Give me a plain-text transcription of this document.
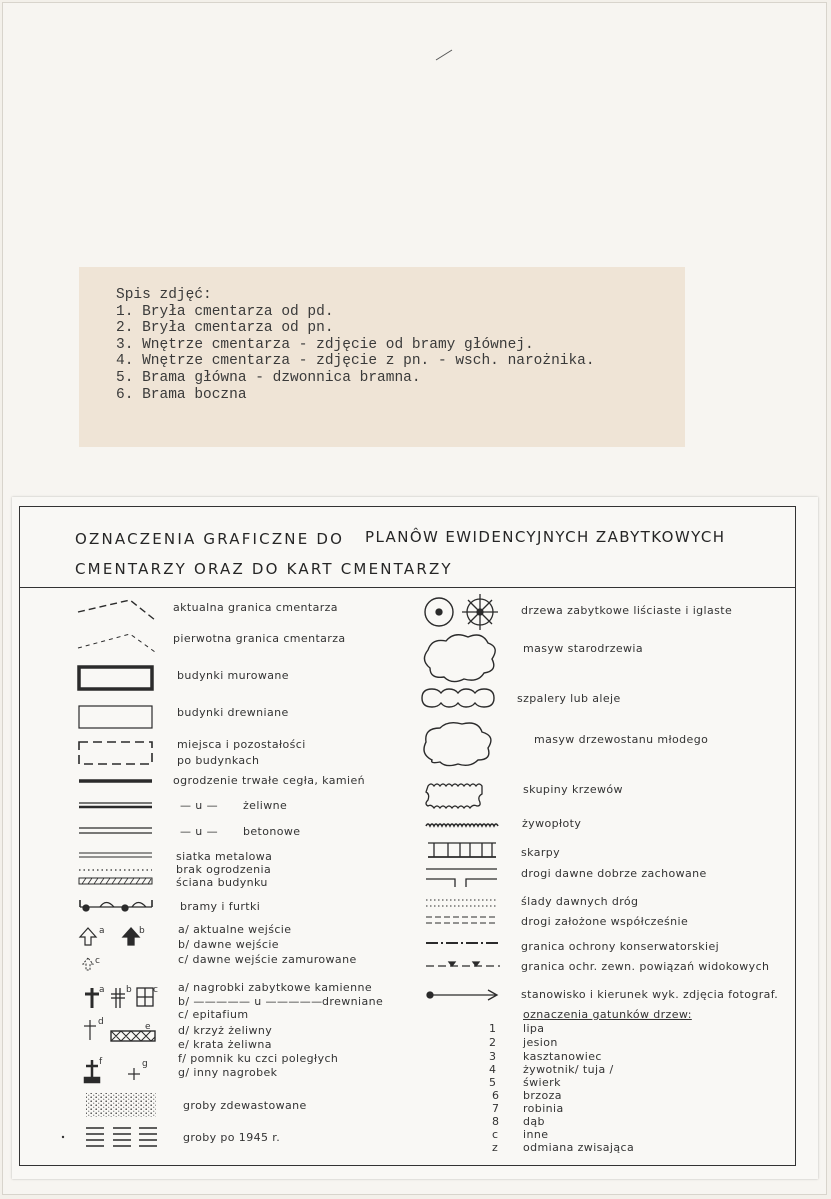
Spis zdjęć:
1. Bryła cmentarza od pd.
2. Bryła cmentarza od pn.
3. Wnętrze cmentarza - zdjęcie od bramy głównej.
4. Wnętrze cmentarza - zdjęcie z pn. - wsch. narożnika.
5. Brama główna - dzwonnica bramna.
6. Brama boczna
OZNACZENIA GRAFICZNE DO PLANÔW EWIDENCYJNYCH ZABYTKOWYCH
CMENTARZY ORAZ DO KART CMENTARZY
aktualna granica cmentarza
pierwotna granica cmentarza
budynki murowane
budynki drewniane
miejsca i pozostałości
po budynkach
ogrodzenie trwałe cegła, kamień
— u — żeliwne
— u — betonowe
siatka metalowa
brak ogrodzenia
ściana budynku
bramy i furtki
a	b
c
a/ aktualne wejście
b/ dawne wejście
c/ dawne wejście zamurowane
a b c
d	e
f	g
a/ nagrobki zabytkowe kamienne
b/ ————— u ————— drewniane
c/ epitafium
d/ krzyż żeliwny
e/ krata żeliwna
f/ pomnik ku czci poległych
g/ inny nagrobek
groby zdewastowane
groby po 1945 r.
drzewa zabytkowe liściaste i iglaste
masyw starodrzewia
szpalery lub aleje
masyw drzewostanu młodego
skupiny krzewów
żywopłoty
skarpy
drogi dawne dobrze zachowane
ślady dawnych dróg
drogi założone współcześnie
granica ochrony konserwatorskiej
granica ochr. zewn. powiązań widokowych
stanowisko i kierunek wyk. zdjęcia fotograf.
oznaczenia gatunków drzew:
1 lipa
2 jesion
3 kasztanowiec
4 żywotnik/ tuja /
5 świerk
6 brzoza
7 robinia
8 dąb
c inne
z odmiana zwisająca
